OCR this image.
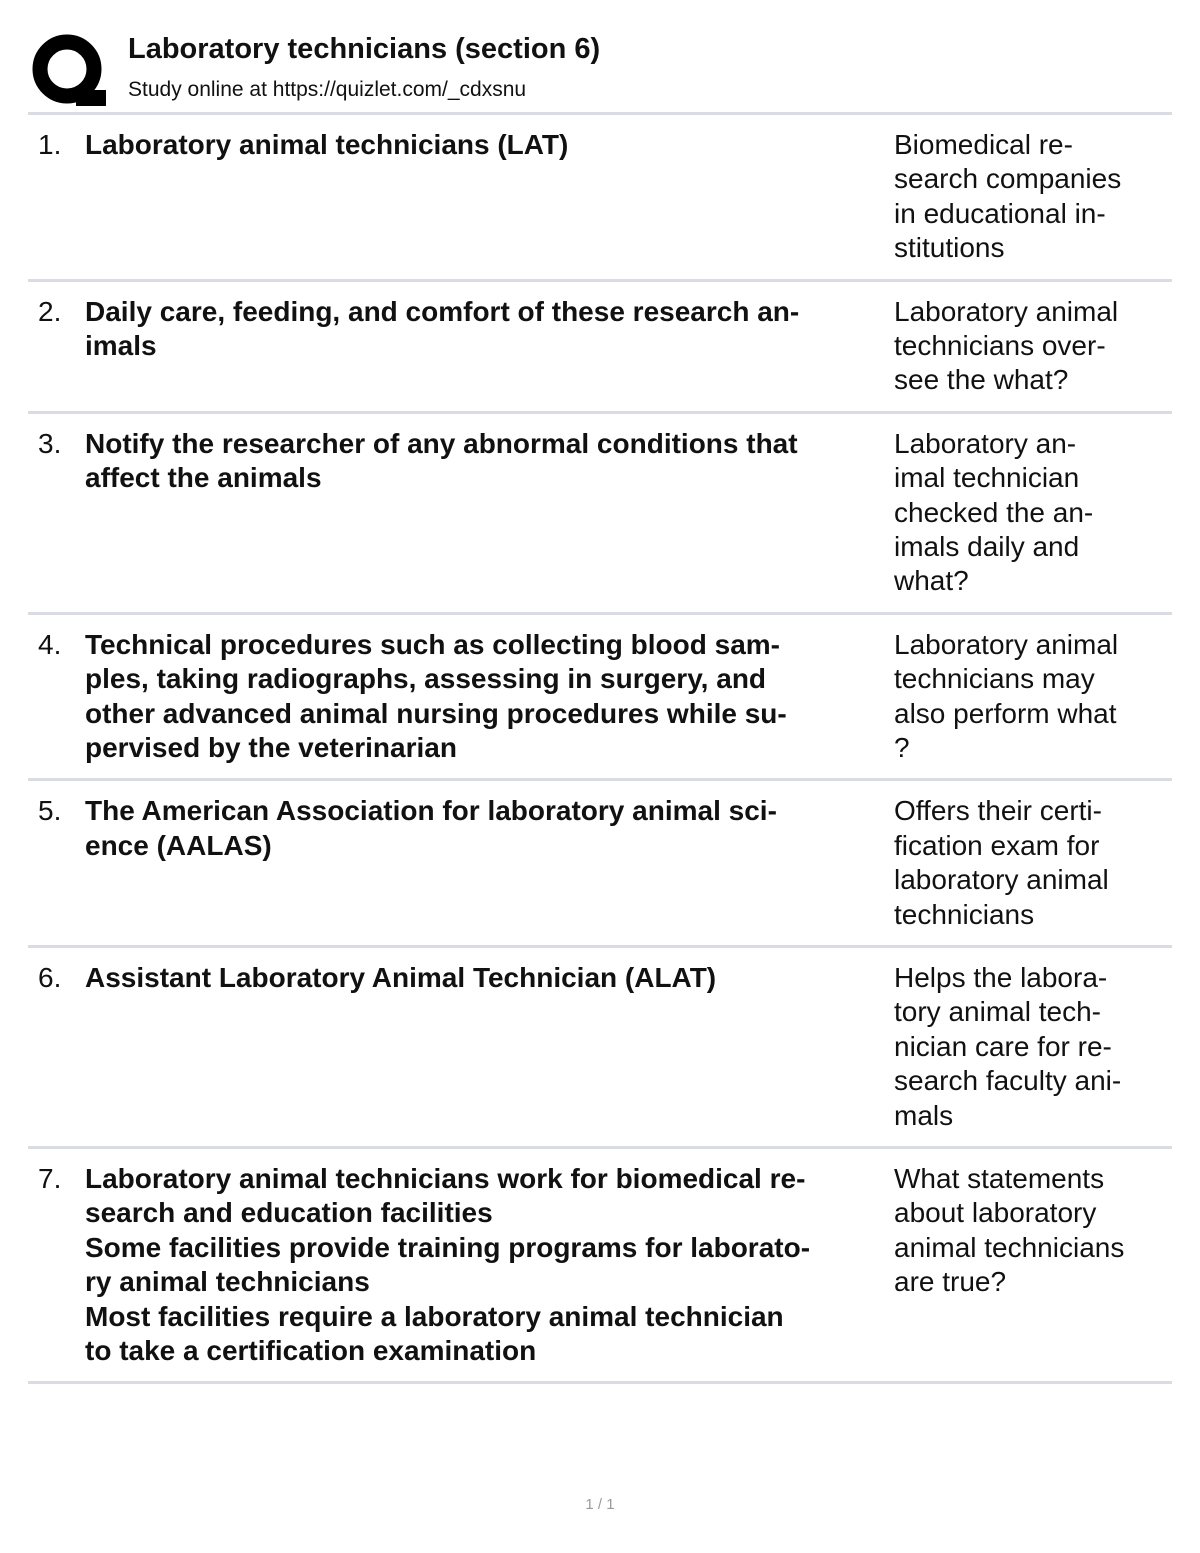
Laboratory technicians (section 6)
Study online at https://quizlet.com/_cdxsnu
1. Laboratory animal technicians (LAT)	Biomedical re-
search companies
in educational in-
stitutions
2. Daily care, feeding, and comfort of these research an-
imals
Laboratory animal
technicians over-
see the what?
3. Notify the researcher of any abnormal conditions that
affect the animals
Laboratory an-
imal technician
checked the an-
imals daily and
what?
4. Technical procedures such as collecting blood sam-
ples, taking radiographs, assessing in surgery, and
other advanced animal nursing procedures while su-
pervised by the veterinarian
Laboratory animal
technicians may
also perform what
?
5. The American Association for laboratory animal sci-
ence (AALAS)
Offers their certi-
fication exam for
laboratory animal
technicians
6. Assistant Laboratory Animal Technician (ALAT)	Helps the labora-
tory animal tech-
nician care for re-
search faculty ani-
mals
7. Laboratory animal technicians work for biomedical re-
search and education facilities
Some facilities provide training programs for laborato-
ry animal technicians
Most facilities require a laboratory animal technician
to take a certification examination
What statements
about laboratory
animal technicians
are true?
1 / 1
